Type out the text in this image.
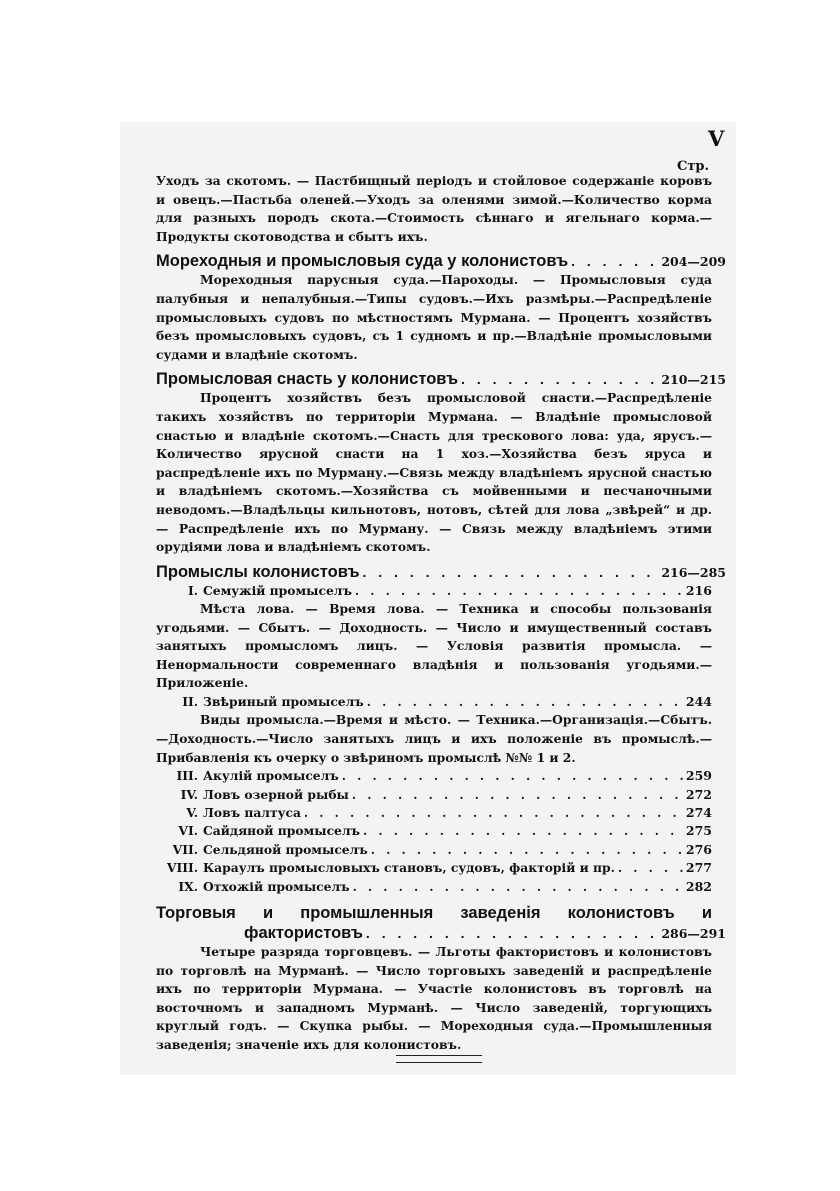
V
Стр.
Уходъ за скотомъ. — Пастбищный періодъ и стойловое содержаніе коровъ и овецъ.—Пастьба оленей.—Уходъ за оленями зимой.—Количество корма для разныхъ породъ скота.—Стоимость сѣннаго и ягельнаго корма.—Продукты скотоводства и сбытъ ихъ.
Мореходныя и промысловыя суда у колонистовъ . . .	204—209
Мореходныя парусныя суда.—Пароходы. — Промысловыя суда палубныя и непалубныя.—Типы судовъ.—Ихъ размѣры.—Распредѣленіе промысловыхъ судовъ по мѣстностямъ Мурмана. — Процентъ хозяйствъ безъ промысловыхъ судовъ, съ 1 судномъ и пр.—Владѣніе промысловыми судами и владѣніе скотомъ.
Промысловая снасть у колонистовъ . . .	210—215
Процентъ хозяйствъ безъ промысловой снасти.—Распредѣленіе такихъ хозяйствъ по территоріи Мурмана. — Владѣніе промысловой снастью и владѣніе скотомъ.—Снасть для трескового лова: уда, ярусъ.—Количество ярусной снасти на 1 хоз.—Хозяйства безъ яруса и распредѣленіе ихъ по Мурману.—Связь между владѣніемъ ярусной снастью и владѣніемъ скотомъ.—Хозяйства съ мойвенными и песчаночными неводомъ.—Владѣльцы кильнотовъ, нотовъ, сѣтей для лова „звѣрей“ и др. — Распредѣленіе ихъ по Мурману. — Связь между владѣніемъ этими орудіями лова и владѣніемъ скотомъ.
Промыслы колонистовъ . . .	216—285
I. Семужій промыселъ . . .	216
Мѣста лова. — Время лова. — Техника и способы пользованія угодьями. — Сбытъ. — Доходность. — Число и имущественный составъ занятыхъ промысломъ лицъ. — Условія развитія промысла. — Ненормальности современнаго владѣнія и пользованія угодьями.—Приложеніе.
II. Звѣриный промыселъ . . .	244
Виды промысла.—Время и мѣсто. — Техника.—Организація.—Сбытъ.—Доходность.—Число занятыхъ лицъ и ихъ положеніе въ промыслѣ.—Прибавленія къ очерку о звѣриномъ промыслѣ №№ 1 и 2.
III. Акулій промыселъ . . .	259
IV. Ловъ озерной рыбы . . .	272
V. Ловъ палтуса . . .	274
VI. Сайдяной промыселъ . . .	275
VII. Сельдяной промыселъ . . .	276
VIII. Караулъ промысловыхъ становъ, судовъ, факторій и пр. . . .	277
IX. Отхожій промыселъ . . .	282
Торговыя и промышленныя заведенія колонистовъ и
фактористовъ . . .	286—291
Четыре разряда торговцевъ. — Льготы фактористовъ и колонистовъ по торговлѣ на Мурманѣ. — Число торговыхъ заведеній и распредѣленіе ихъ по территоріи Мурмана. — Участіе колонистовъ въ торговлѣ на восточномъ и западномъ Мурманѣ. — Число заведеній, торгующихъ круглый годъ. — Скупка рыбы. — Мореходныя суда.—Промышленныя заведенія; значеніе ихъ для колонистовъ.
